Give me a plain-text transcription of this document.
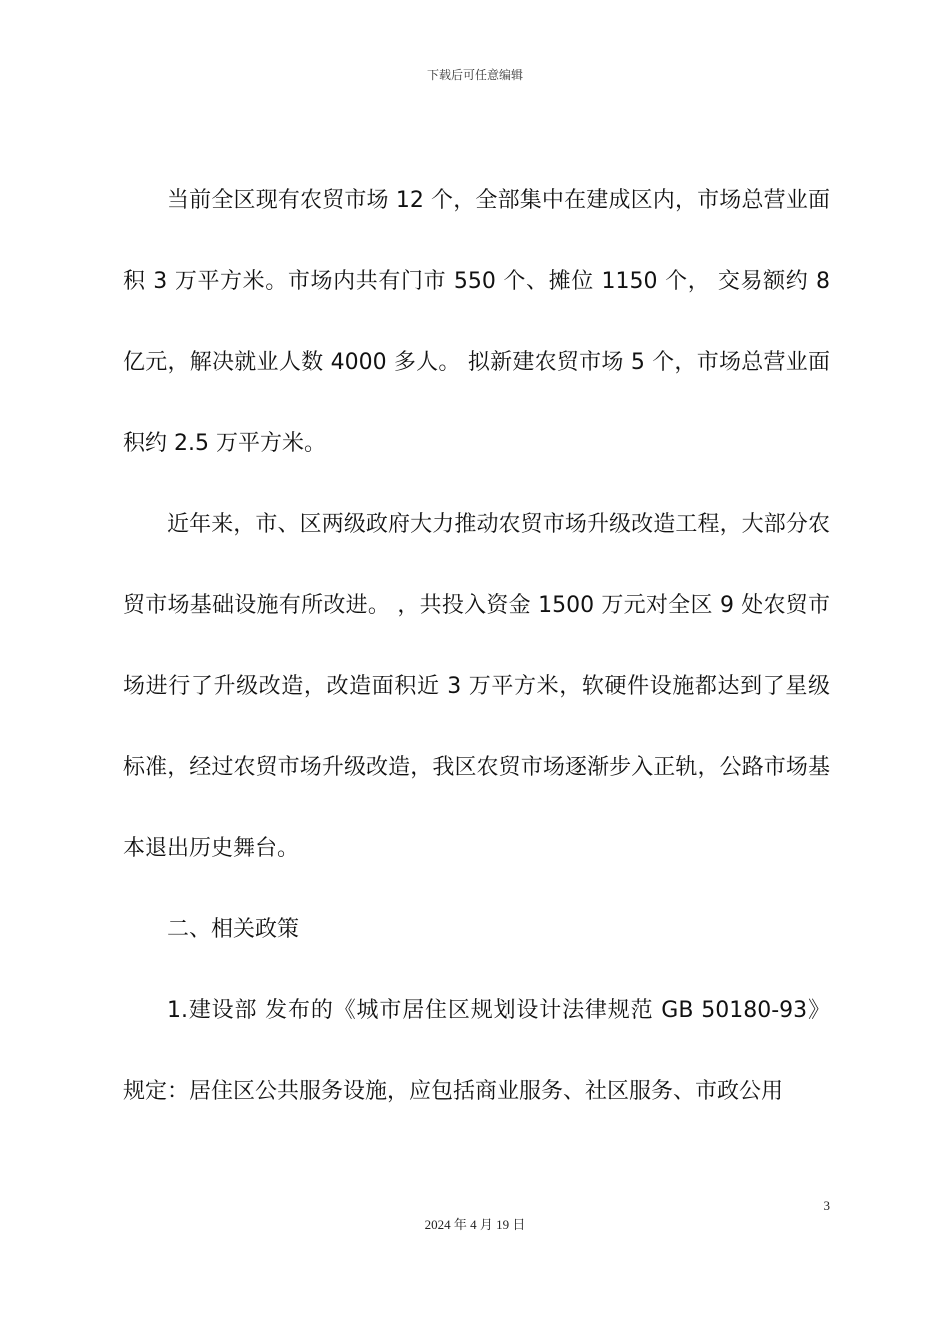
下载后可任意编辑

当前全区现有农贸市场 12 个，全部集中在建成区内，市场总营业面积 3 万平方米。市场内共有门市 550 个、摊位 1150 个， 交易额约 8 亿元，解决就业人数 4000 多人。 拟新建农贸市场 5 个，市场总营业面积约 2.5 万平方米。

近年来，市、区两级政府大力推动农贸市场升级改造工程，大部分农贸市场基础设施有所改进。 ，共投入资金 1500 万元对全区 9 处农贸市场进行了升级改造，改造面积近 3 万平方米，软硬件设施都达到了星级标准，经过农贸市场升级改造，我区农贸市场逐渐步入正轨，公路市场基本退出历史舞台。

二、相关政策

1.建设部 发布的《城市居住区规划设计法律规范 GB 50180-93》规定：居住区公共服务设施，应包括商业服务、社区服务、市政公用

3
2024 年 4 月 19 日
